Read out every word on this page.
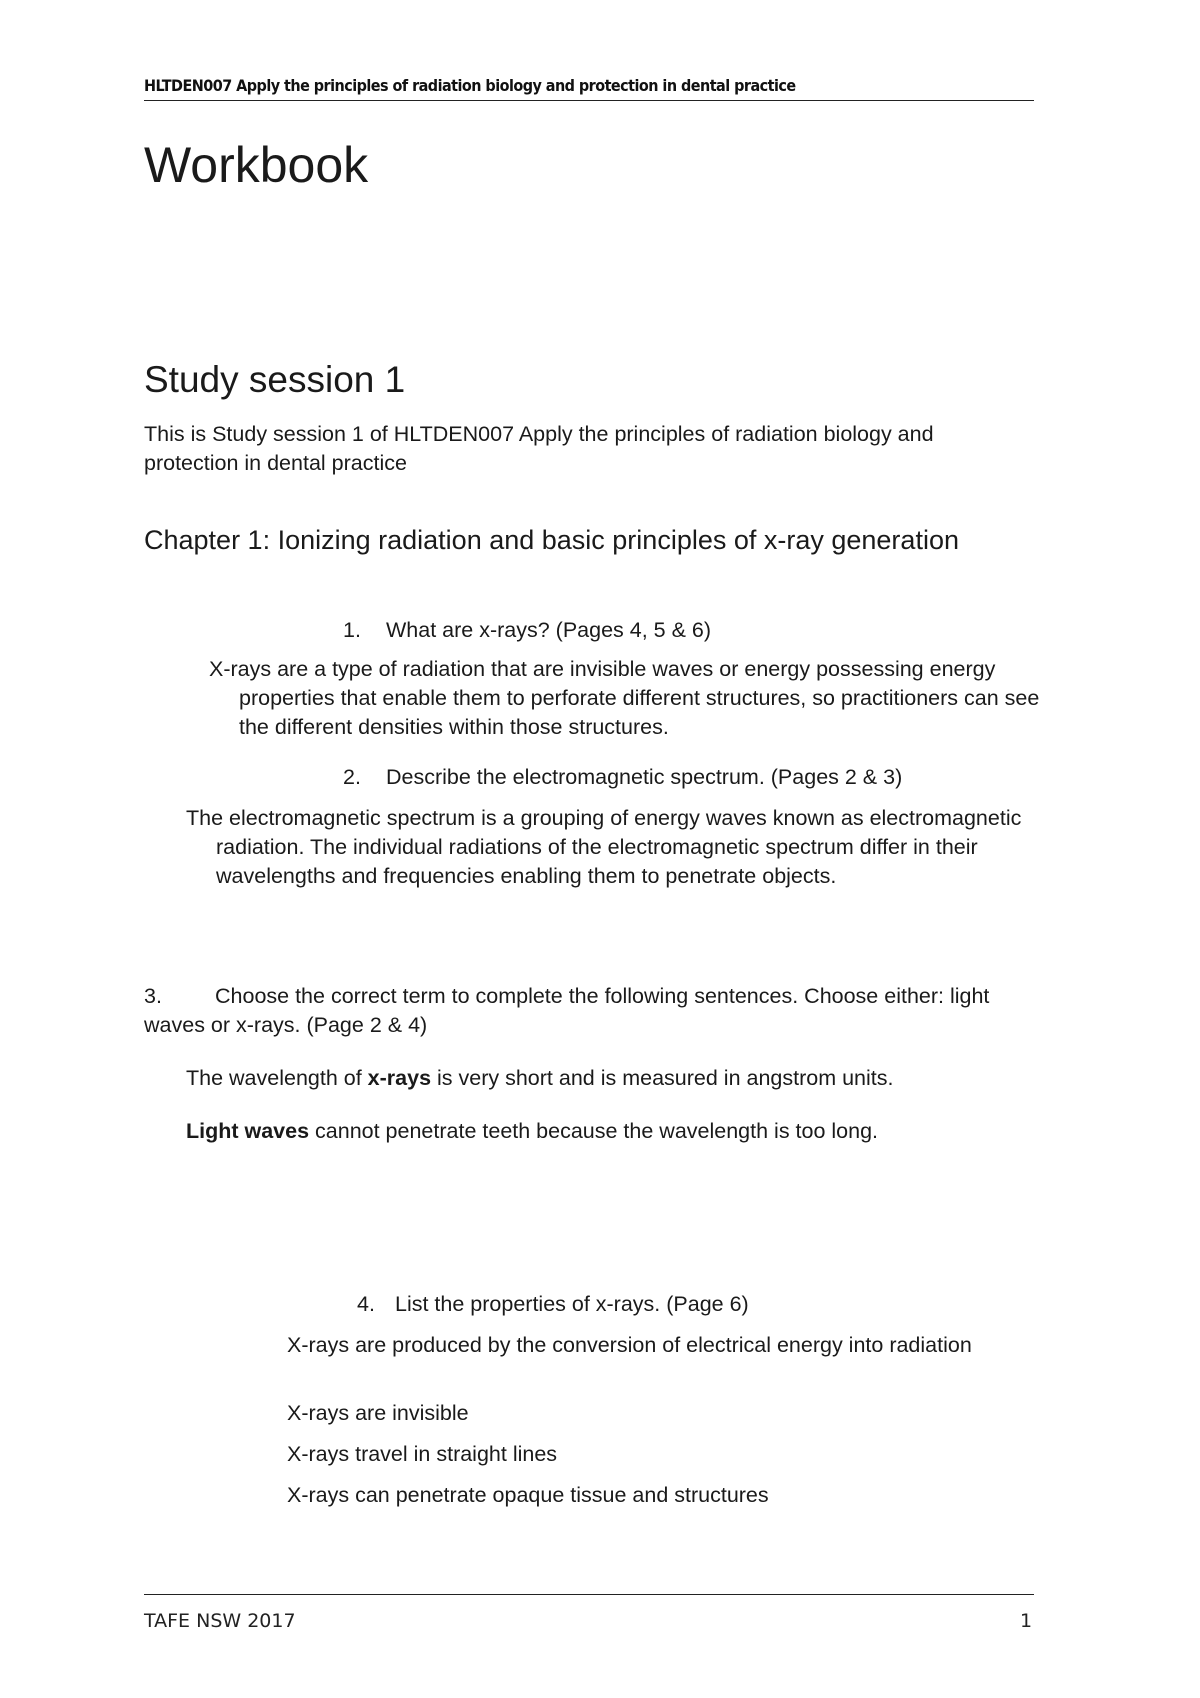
HLTDEN007 Apply the principles of radiation biology and protection in dental practice
Workbook
Study session 1

This is Study session 1 of HLTDEN007 Apply the principles of radiation biology and protection in dental practice

Chapter 1: Ionizing radiation and basic principles of x-ray generation
1. What are x-rays? (Pages 4, 5 & 6)

X-rays are a type of radiation that are invisible waves or energy possessing energy properties that enable them to perforate different structures, so practitioners can see the different densities within those structures.

2. Describe the electromagnetic spectrum. (Pages 2 & 3)

The electromagnetic spectrum is a grouping of energy waves known as electromagnetic radiation. The individual radiations of the electromagnetic spectrum differ in their wavelengths and frequencies enabling them to penetrate objects.

3. Choose the correct term to complete the following sentences. Choose either: light waves or x-rays. (Page 2 & 4)

The wavelength of x-rays is very short and is measured in angstrom units.

Light waves cannot penetrate teeth because the wavelength is too long.

4. List the properties of x-rays. (Page 6)

X-rays are produced by the conversion of electrical energy into radiation

X-rays are invisible

X-rays travel in straight lines

X-rays can penetrate opaque tissue and structures

TAFE NSW 2017	1
